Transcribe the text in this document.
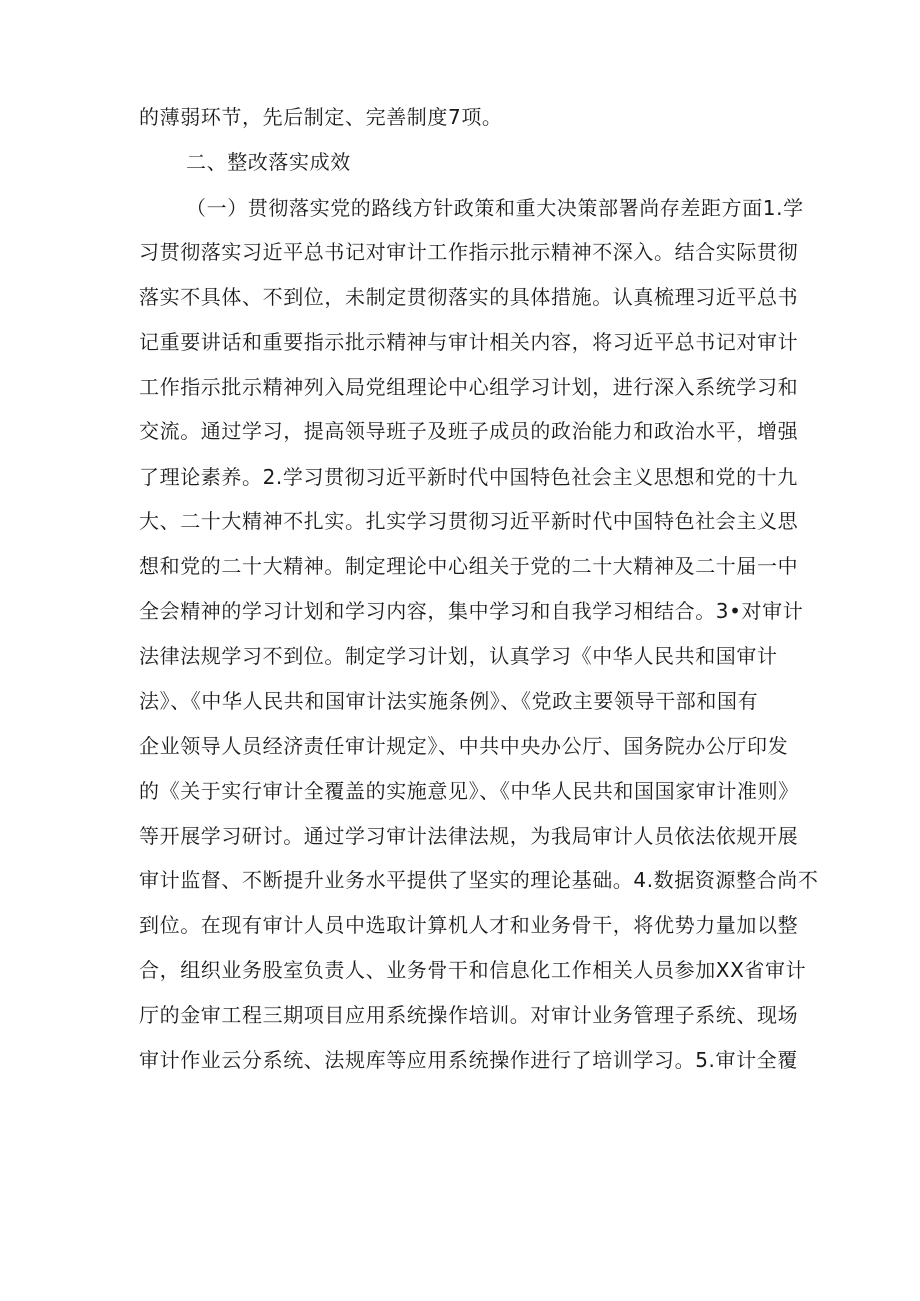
的薄弱环节，先后制定、完善制度7项。
二、整改落实成效
（一）贯彻落实党的路线方针政策和重大决策部署尚存差距方面1.学
习贯彻落实习近平总书记对审计工作指示批示精神不深入。结合实际贯彻
落实不具体、不到位，未制定贯彻落实的具体措施。认真梳理习近平总书
记重要讲话和重要指示批示精神与审计相关内容，将习近平总书记对审计
工作指示批示精神列入局党组理论中心组学习计划，进行深入系统学习和
交流。通过学习，提高领导班子及班子成员的政治能力和政治水平，增强
了理论素养。2.学习贯彻习近平新时代中国特色社会主义思想和党的十九
大、二十大精神不扎实。扎实学习贯彻习近平新时代中国特色社会主义思
想和党的二十大精神。制定理论中心组关于党的二十大精神及二十届一中
全会精神的学习计划和学习内容，集中学习和自我学习相结合。3•对审计
法律法规学习不到位。制定学习计划，认真学习《中华人民共和国审计
法》、《中华人民共和国审计法实施条例》、《党政主要领导干部和国有
企业领导人员经济责任审计规定》、中共中央办公厅、国务院办公厅印发
的《关于实行审计全覆盖的实施意见》、《中华人民共和国国家审计准则》
等开展学习研讨。通过学习审计法律法规，为我局审计人员依法依规开展
审计监督、不断提升业务水平提供了坚实的理论基础。4.数据资源整合尚不
到位。在现有审计人员中选取计算机人才和业务骨干，将优势力量加以整
合，组织业务股室负责人、业务骨干和信息化工作相关人员参加XX省审计
厅的金审工程三期项目应用系统操作培训。对审计业务管理子系统、现场
审计作业云分系统、法规库等应用系统操作进行了培训学习。5.审计全覆
